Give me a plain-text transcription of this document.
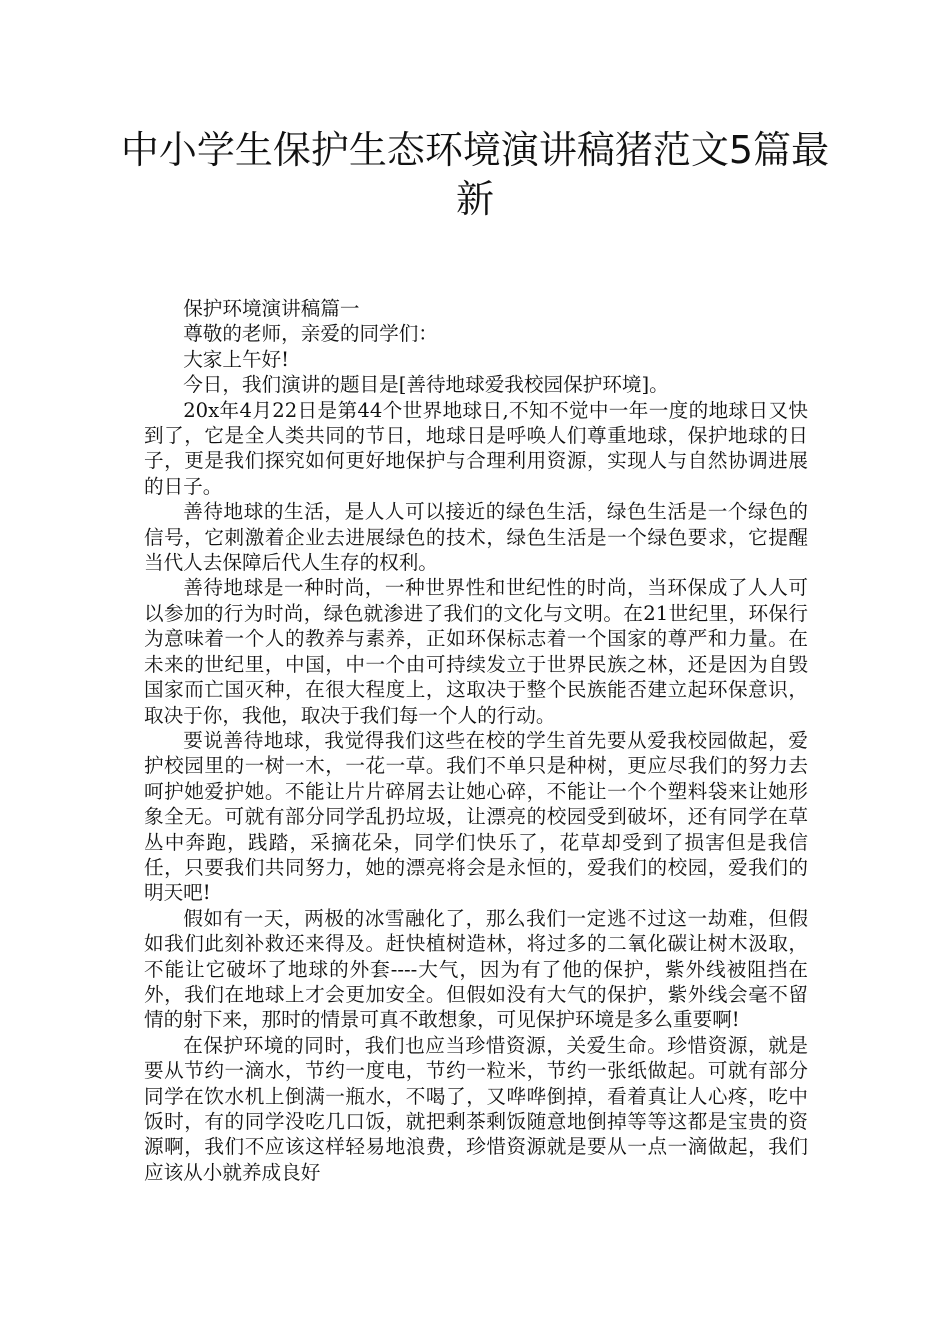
中小学生保护生态环境演讲稿猪范文5篇最新

保护环境演讲稿篇一

尊敬的老师，亲爱的同学们：

大家上午好!

今日，我们演讲的题目是[善待地球爱我校园保护环境]。

20x年4月22日是第44个世界地球日,不知不觉中一年一度的地球日又快到了，它是全人类共同的节日，地球日是呼唤人们尊重地球，保护地球的日子，更是我们探究如何更好地保护与合理利用资源，实现人与自然协调进展的日子。

善待地球的生活，是人人可以接近的绿色生活，绿色生活是一个绿色的信号，它刺激着企业去进展绿色的技术，绿色生活是一个绿色要求，它提醒当代人去保障后代人生存的权利。

善待地球是一种时尚，一种世界性和世纪性的时尚，当环保成了人人可以参加的行为时尚，绿色就渗进了我们的文化与文明。在21世纪里，环保行为意味着一个人的教养与素养，正如环保标志着一个国家的尊严和力量。在未来的世纪里，中国，中一个由可持续发立于世界民族之林，还是因为自毁国家而亡国灭种，在很大程度上，这取决于整个民族能否建立起环保意识，取决于你，我他，取决于我们每一个人的行动。

要说善待地球，我觉得我们这些在校的学生首先要从爱我校园做起，爱护校园里的一树一木，一花一草。我们不单只是种树，更应尽我们的努力去呵护她爱护她。不能让片片碎屑去让她心碎，不能让一个个塑料袋来让她形象全无。可就有部分同学乱扔垃圾，让漂亮的校园受到破坏，还有同学在草丛中奔跑，践踏，采摘花朵，同学们快乐了，花草却受到了损害但是我信任，只要我们共同努力，她的漂亮将会是永恒的，爱我们的校园，爱我们的明天吧!

假如有一天，两极的冰雪融化了，那么我们一定逃不过这一劫难，但假如我们此刻补救还来得及。赶快植树造林，将过多的二氧化碳让树木汲取，不能让它破坏了地球的外套----大气，因为有了他的保护，紫外线被阻挡在外，我们在地球上才会更加安全。但假如没有大气的保护，紫外线会毫不留情的射下来，那时的情景可真不敢想象，可见保护环境是多么重要啊!

在保护环境的同时，我们也应当珍惜资源，关爱生命。珍惜资源，就是要从节约一滴水，节约一度电，节约一粒米，节约一张纸做起。可就有部分同学在饮水机上倒满一瓶水，不喝了，又哗哗倒掉，看着真让人心疼，吃中饭时，有的同学没吃几口饭，就把剩茶剩饭随意地倒掉等等这都是宝贵的资源啊，我们不应该这样轻易地浪费，珍惜资源就是要从一点一滴做起，我们应该从小就养成良好
